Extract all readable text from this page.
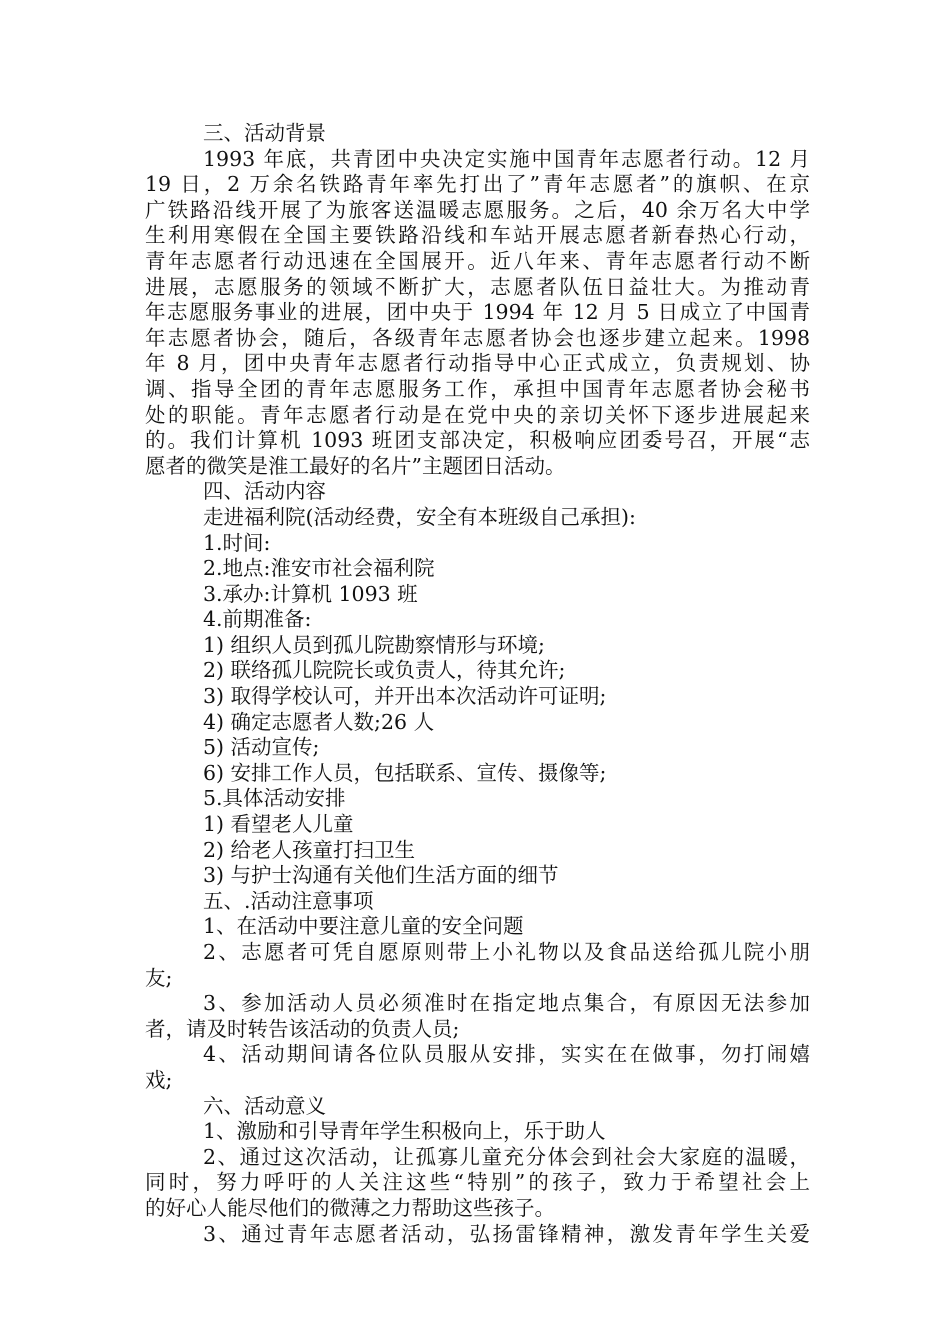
三、活动背景
1993 年底，共青团中央决定实施中国青年志愿者行动。12 月
19 日，2 万余名铁路青年率先打出了”青年志愿者”的旗帜、在京
广铁路沿线开展了为旅客送温暖志愿服务。之后，40 余万名大中学
生利用寒假在全国主要铁路沿线和车站开展志愿者新春热心行动，
青年志愿者行动迅速在全国展开。近八年来、青年志愿者行动不断
进展，志愿服务的领域不断扩大，志愿者队伍日益壮大。为推动青
年志愿服务事业的进展，团中央于 1994 年 12 月 5 日成立了中国青
年志愿者协会，随后，各级青年志愿者协会也逐步建立起来。1998
年 8 月，团中央青年志愿者行动指导中心正式成立，负责规划、协
调、指导全团的青年志愿服务工作，承担中国青年志愿者协会秘书
处的职能。青年志愿者行动是在党中央的亲切关怀下逐步进展起来
的。我们计算机 1093 班团支部决定，积极响应团委号召，开展“志
愿者的微笑是淮工最好的名片”主题团日活动。
四、活动内容
走进福利院(活动经费，安全有本班级自己承担):
1.时间:
2.地点:淮安市社会福利院
3.承办:计算机 1093 班
4.前期准备:
1) 组织人员到孤儿院勘察情形与环境;
2) 联络孤儿院院长或负责人，待其允许;
3) 取得学校认可，并开出本次活动许可证明;
4) 确定志愿者人数;26 人
5) 活动宣传;
6) 安排工作人员，包括联系、宣传、摄像等;
5.具体活动安排
1) 看望老人儿童
2) 给老人孩童打扫卫生
3) 与护士沟通有关他们生活方面的细节
五、.活动注意事项
1、在活动中要注意儿童的安全问题
2、志愿者可凭自愿原则带上小礼物以及食品送给孤儿院小朋
友;
3、参加活动人员必须准时在指定地点集合，有原因无法参加
者，请及时转告该活动的负责人员;
4、活动期间请各位队员服从安排，实实在在做事，勿打闹嬉
戏;
六、活动意义
1、激励和引导青年学生积极向上，乐于助人
2、通过这次活动，让孤寡儿童充分体会到社会大家庭的温暖，
同时，努力呼吁的人关注这些“特别”的孩子，致力于希望社会上
的好心人能尽他们的微薄之力帮助这些孩子。
3、通过青年志愿者活动，弘扬雷锋精神，激发青年学生关爱
